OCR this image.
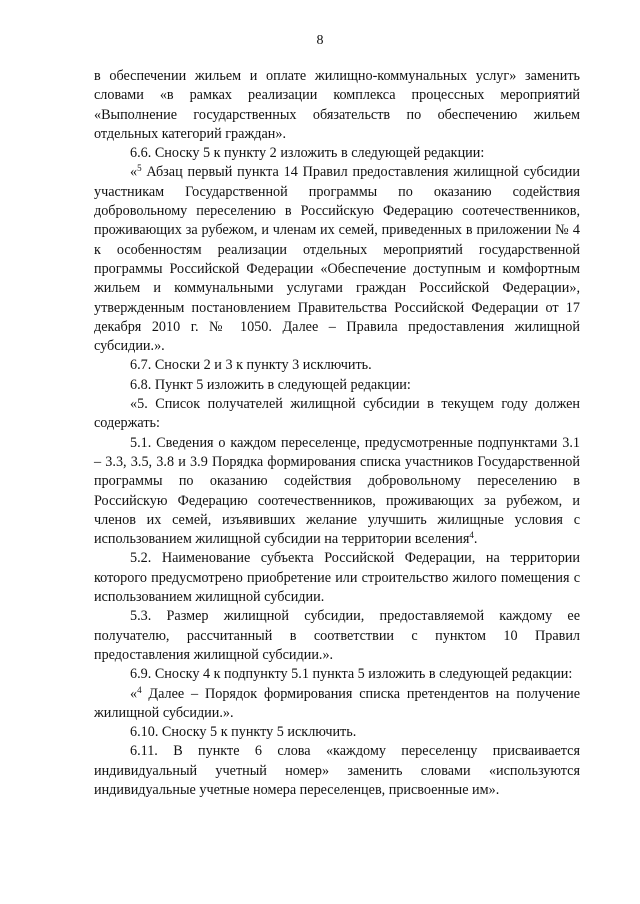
8

в обеспечении жильем и оплате жилищно-коммунальных услуг» заменить словами «в рамках реализации комплекса процессных мероприятий «Выполнение государственных обязательств по обеспечению жильем отдельных категорий граждан».

6.6. Сноску 5 к пункту 2 изложить в следующей редакции:

«$^5$ Абзац первый пункта 14 Правил предоставления жилищной субсидии участникам Государственной программы по оказанию содействия добровольному переселению в Российскую Федерацию соотечественников, проживающих за рубежом, и членам их семей, приведенных в приложении № 4 к особенностям реализации отдельных мероприятий государственной программы Российской Федерации «Обеспечение доступным и комфортным жильем и коммунальными услугами граждан Российской Федерации», утвержденным постановлением Правительства Российской Федерации от 17 декабря 2010 г. № 1050. Далее – Правила предоставления жилищной субсидии.».

6.7. Сноски 2 и 3 к пункту 3 исключить.

6.8. Пункт 5 изложить в следующей редакции:

«5. Список получателей жилищной субсидии в текущем году должен содержать:

5.1. Сведения о каждом переселенце, предусмотренные подпунктами 3.1 – 3.3, 3.5, 3.8 и 3.9 Порядка формирования списка участников Государственной программы по оказанию содействия добровольному переселению в Российскую Федерацию соотечественников, проживающих за рубежом, и членов их семей, изъявивших желание улучшить жилищные условия с использованием жилищной субсидии на территории вселения$^4$.

5.2. Наименование субъекта Российской Федерации, на территории которого предусмотрено приобретение или строительство жилого помещения с использованием жилищной субсидии.

5.3. Размер жилищной субсидии, предоставляемой каждому ее получателю, рассчитанный в соответствии с пунктом 10 Правил предоставления жилищной субсидии.».

6.9. Сноску 4 к подпункту 5.1 пункта 5 изложить в следующей редакции:

«$^4$ Далее – Порядок формирования списка претендентов на получение жилищной субсидии.».

6.10. Сноску 5 к пункту 5 исключить.

6.11. В пункте 6 слова «каждому переселенцу присваивается индивидуальный учетный номер» заменить словами «используются индивидуальные учетные номера переселенцев, присвоенные им».
